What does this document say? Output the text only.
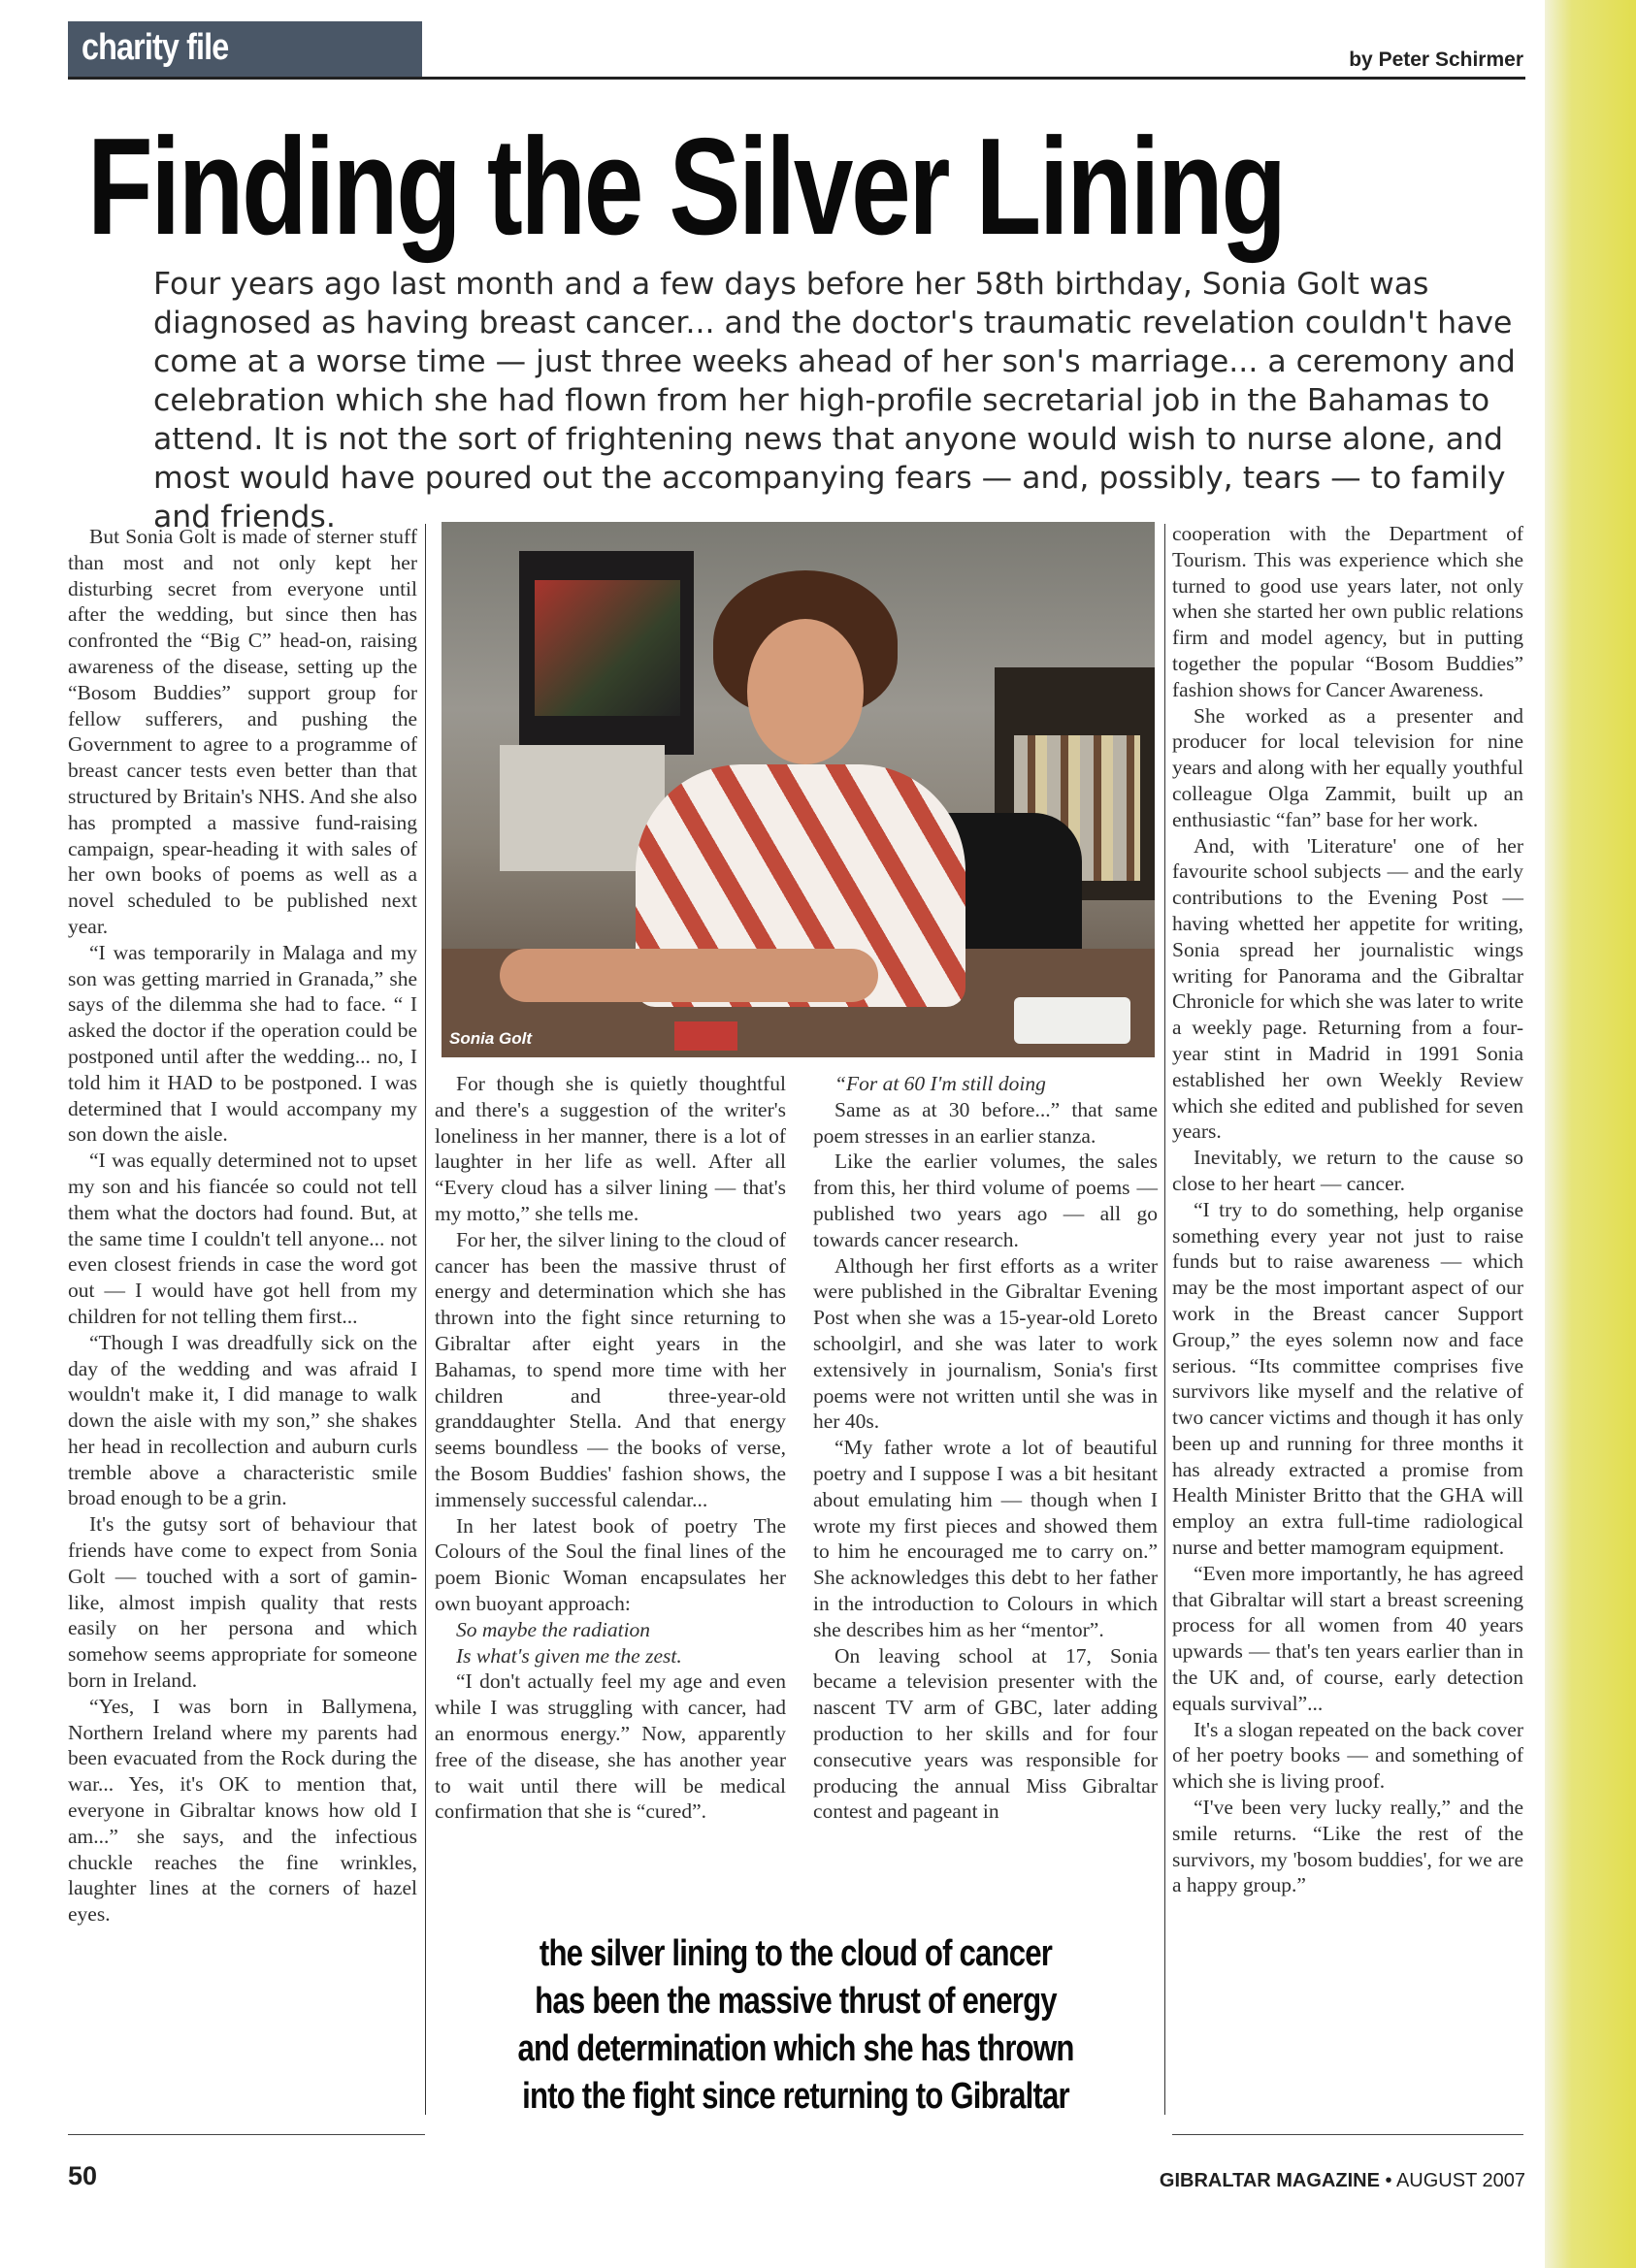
charity file	by Peter Schirmer
Finding the Silver Lining
Four years ago last month and a few days before her 58th birthday, Sonia Golt was diagnosed as having breast cancer... and the doctor's traumatic revelation couldn't have come at a worse time — just three weeks ahead of her son's marriage... a ceremony and celebration which she had flown from her high-profile secretarial job in the Bahamas to attend. It is not the sort of frightening news that anyone would wish to nurse alone, and most would have poured out the accompanying fears — and, possibly, tears — to family and friends.

But Sonia Golt is made of sterner stuff than most and not only kept her disturbing secret from everyone until after the wedding, but since then has confronted the “Big C” head-on, raising awareness of the disease, setting up the “Bosom Buddies” support group for fellow sufferers, and pushing the Government to agree to a programme of breast cancer tests even better than that structured by Britain's NHS. And she also has prompted a massive fund-raising campaign, spear-heading it with sales of her own books of poems as well as a novel scheduled to be published next year.

“I was temporarily in Malaga and my son was getting married in Granada,” she says of the dilemma she had to face. “ I asked the doctor if the operation could be postponed until after the wedding... no, I told him it HAD to be postponed. I was determined that I would accompany my son down the aisle.

“I was equally determined not to upset my son and his fiancée so could not tell them what the doctors had found. But, at the same time I couldn't tell anyone... not even closest friends in case the word got out — I would have got hell from my children for not telling them first...

“Though I was dreadfully sick on the day of the wedding and was afraid I wouldn't make it, I did manage to walk down the aisle with my son,” she shakes her head in recollection and auburn curls tremble above a characteristic smile broad enough to be a grin.

It's the gutsy sort of behaviour that friends have come to expect from Sonia Golt — touched with a sort of gamin-like, almost impish quality that rests easily on her persona and which somehow seems appropriate for someone born in Ireland.

“Yes, I was born in Ballymena, Northern Ireland where my parents had been evacuated from the Rock during the war... Yes, it's OK to mention that, everyone in Gibraltar knows how old I am...” she says, and the infectious chuckle reaches the fine wrinkles, laughter lines at the corners of hazel eyes.

Sonia Golt

For though she is quietly thoughtful and there's a suggestion of the writer's loneliness in her manner, there is a lot of laughter in her life as well. After all “Every cloud has a silver lining — that's my motto,” she tells me.

For her, the silver lining to the cloud of cancer has been the massive thrust of energy and determination which she has thrown into the fight since returning to Gibraltar after eight years in the Bahamas, to spend more time with her children and three-year-old granddaughter Stella. And that energy seems boundless — the books of verse, the Bosom Buddies' fashion shows, the immensely successful calendar...

In her latest book of poetry The Colours of the Soul the final lines of the poem Bionic Woman encapsulates her own buoyant approach:

So maybe the radiation

Is what's given me the zest.

“I don't actually feel my age and even while I was struggling with cancer, had an enormous energy.” Now, apparently free of the disease, she has another year to wait until there will be medical confirmation that she is “cured”.

“For at 60 I'm still doing

Same as at 30 before...” that same poem stresses in an earlier stanza.

Like the earlier volumes, the sales from this, her third volume of poems — published two years ago — all go towards cancer research.

Although her first efforts as a writer were published in the Gibraltar Evening Post when she was a 15-year-old Loreto schoolgirl, and she was later to work extensively in journalism, Sonia's first poems were not written until she was in her 40s.

“My father wrote a lot of beautiful poetry and I suppose I was a bit hesitant about emulating him — though when I wrote my first pieces and showed them to him he encouraged me to carry on.” She acknowledges this debt to her father in the introduction to Colours in which she describes him as her “mentor”.

On leaving school at 17, Sonia became a television presenter with the nascent TV arm of GBC, later adding production to her skills and for four consecutive years was responsible for producing the annual Miss Gibraltar contest and pageant in

cooperation with the Department of Tourism. This was experience which she turned to good use years later, not only when she started her own public relations firm and model agency, but in putting together the popular “Bosom Buddies” fashion shows for Cancer Awareness.

She worked as a presenter and producer for local television for nine years and along with her equally youthful colleague Olga Zammit, built up an enthusiastic “fan” base for her work.

And, with 'Literature' one of her favourite school subjects — and the early contributions to the Evening Post — having whetted her appetite for writing, Sonia spread her journalistic wings writing for Panorama and the Gibraltar Chronicle for which she was later to write a weekly page. Returning from a four-year stint in Madrid in 1991 Sonia established her own Weekly Review which she edited and published for seven years.

Inevitably, we return to the cause so close to her heart — cancer.

“I try to do something, help organise something every year not just to raise funds but to raise awareness — which may be the most important aspect of our work in the Breast cancer Support Group,” the eyes solemn now and face serious. “Its committee comprises five survivors like myself and the relative of two cancer victims and though it has only been up and running for three months it has already extracted a promise from Health Minister Britto that the GHA will employ an extra full-time radiological nurse and better mamogram equipment.

“Even more importantly, he has agreed that Gibraltar will start a breast screening process for all women from 40 years upwards — that's ten years earlier than in the UK and, of course, early detection equals survival”...

It's a slogan repeated on the back cover of her poetry books — and something of which she is living proof.

“I've been very lucky really,” and the smile returns. “Like the rest of the survivors, my 'bosom buddies', for we are a happy group.”

the silver lining to the cloud of cancer has been the massive thrust of energy and determination which she has thrown into the fight since returning to Gibraltar
50	GIBRALTAR MAGAZINE • AUGUST 2007
